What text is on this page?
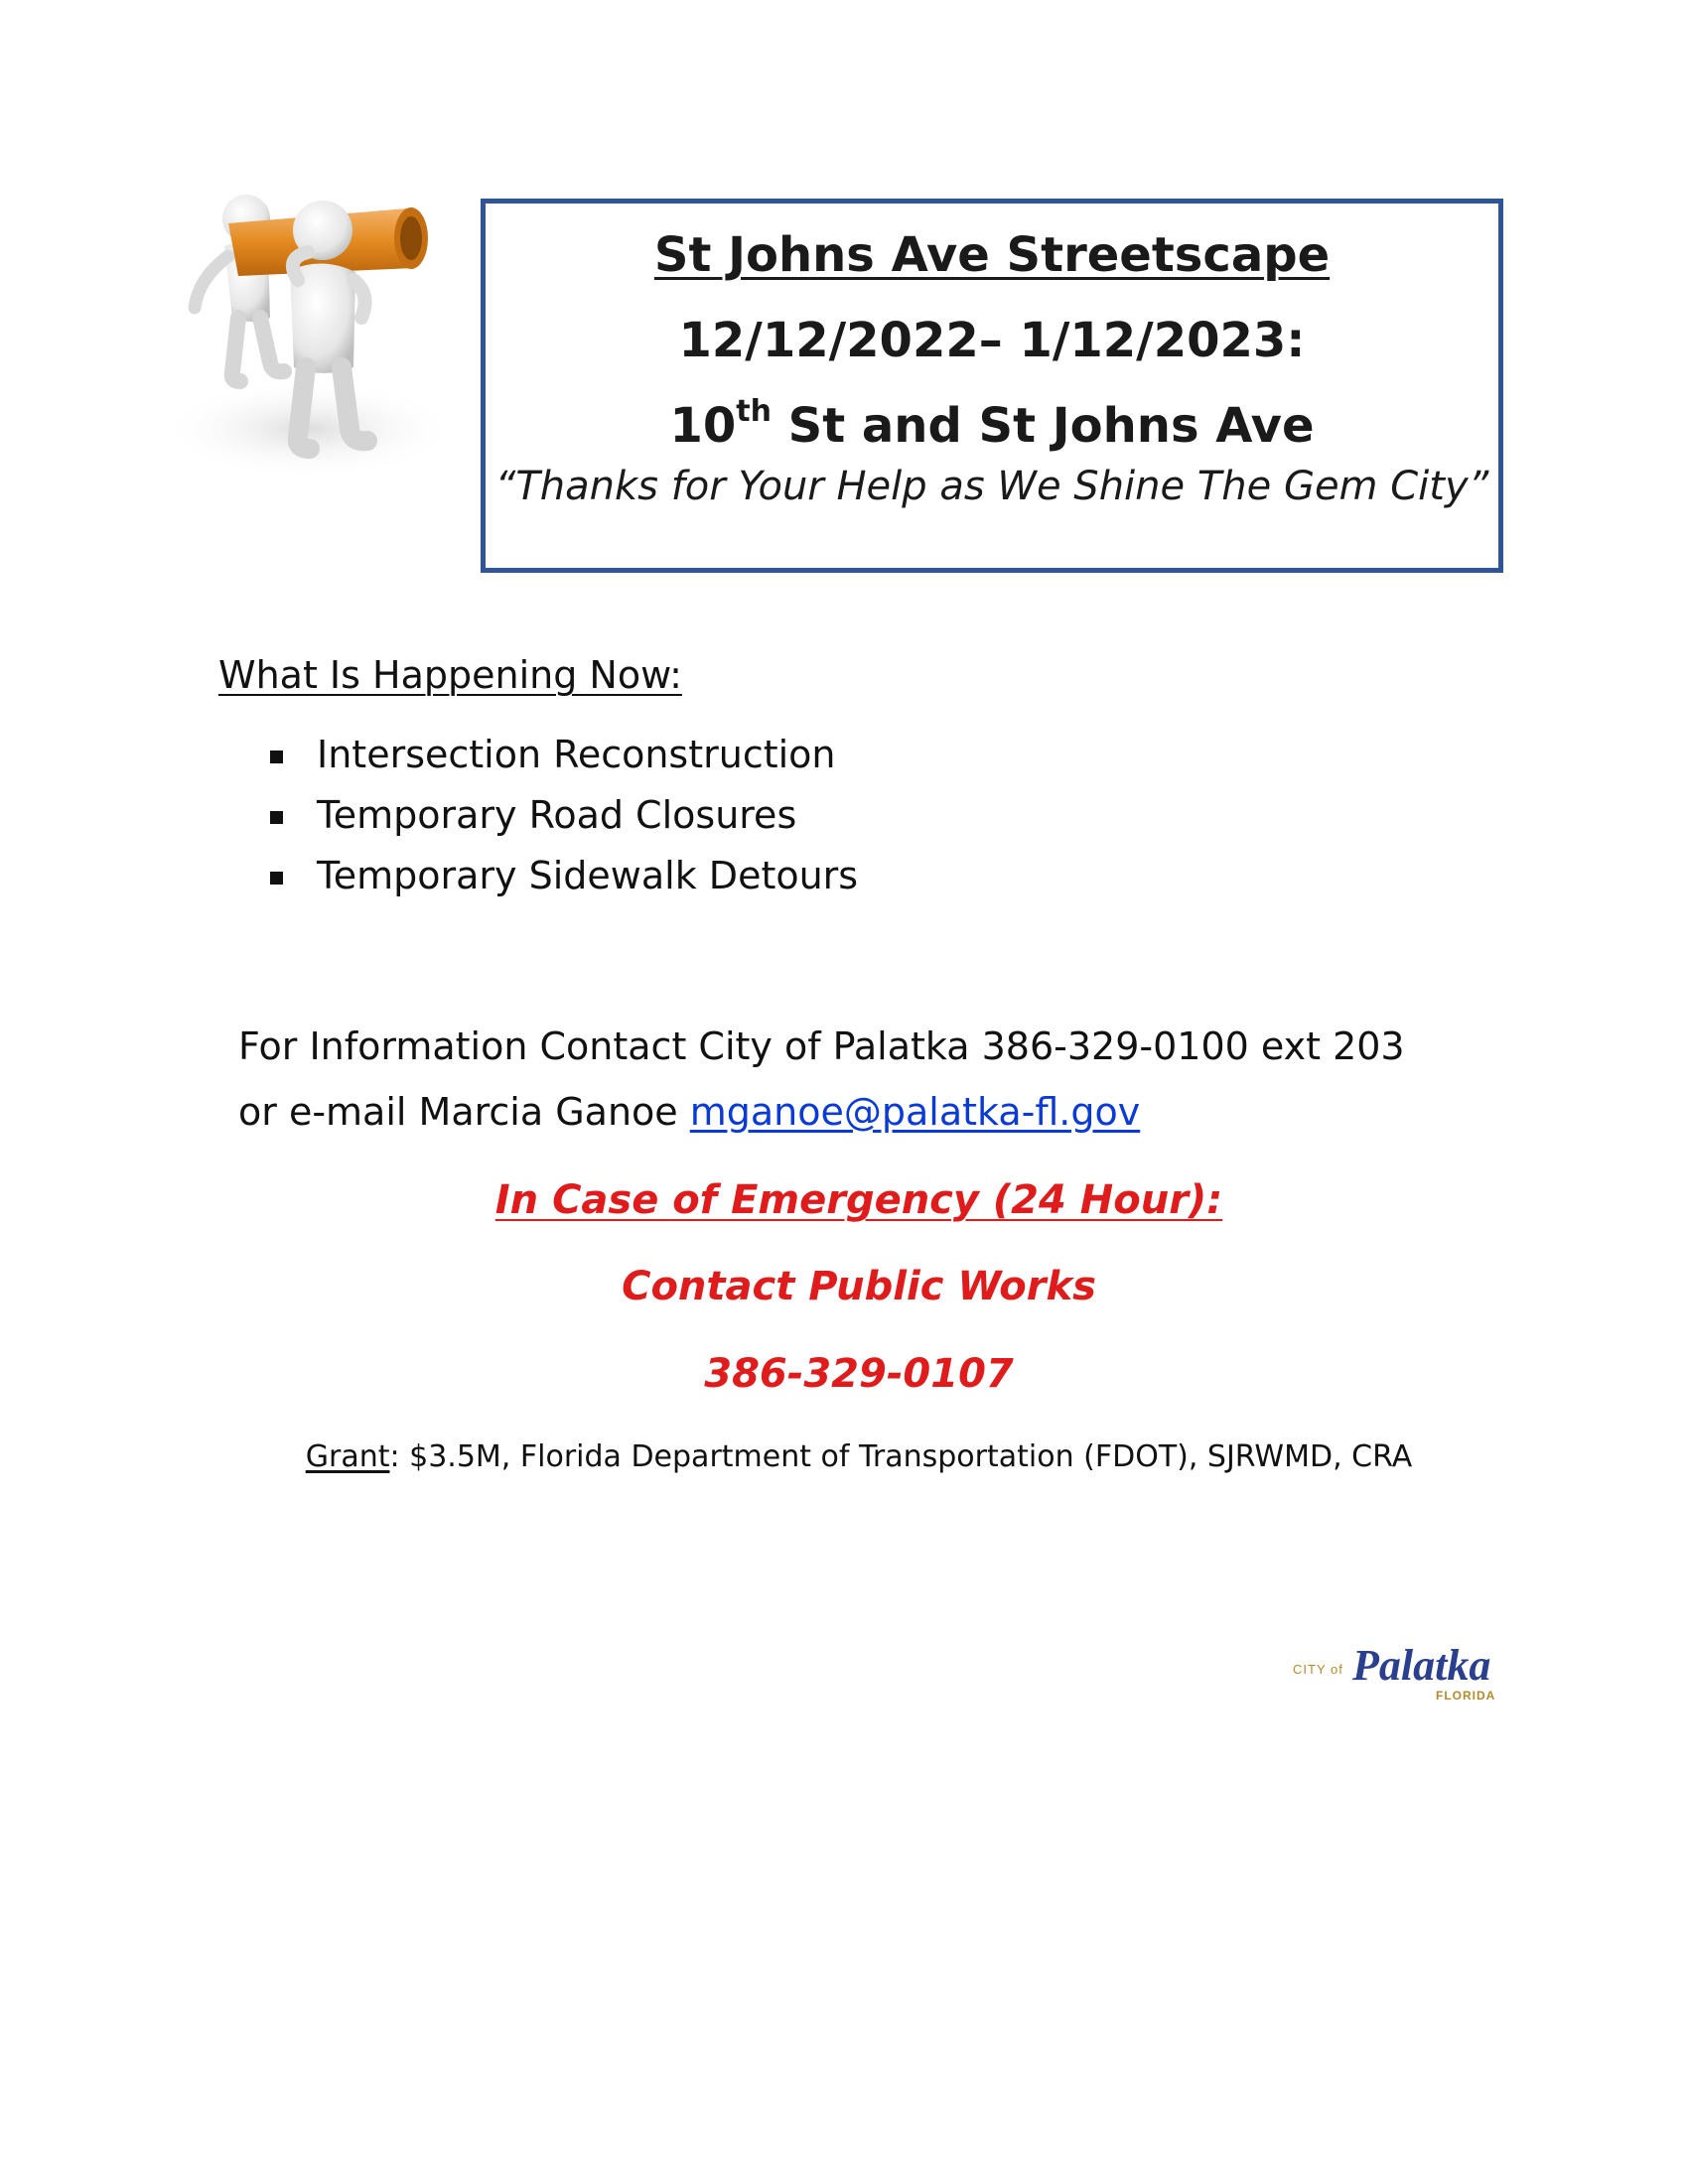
St Johns Ave Streetscape
12/12/2022– 1/12/2023:
10th St and St Johns Ave
“Thanks for Your Help as We Shine The Gem City”
What Is Happening Now:
Intersection Reconstruction
Temporary Road Closures
Temporary Sidewalk Detours
For Information Contact City of Palatka 386-329-0100 ext 203
or e-mail Marcia Ganoe mganoe@palatka-fl.gov
In Case of Emergency (24 Hour):
Contact Public Works
386-329-0107
Grant: $3.5M, Florida Department of Transportation (FDOT), SJRWMD, CRA
CITY of Palatka
FLORIDA
